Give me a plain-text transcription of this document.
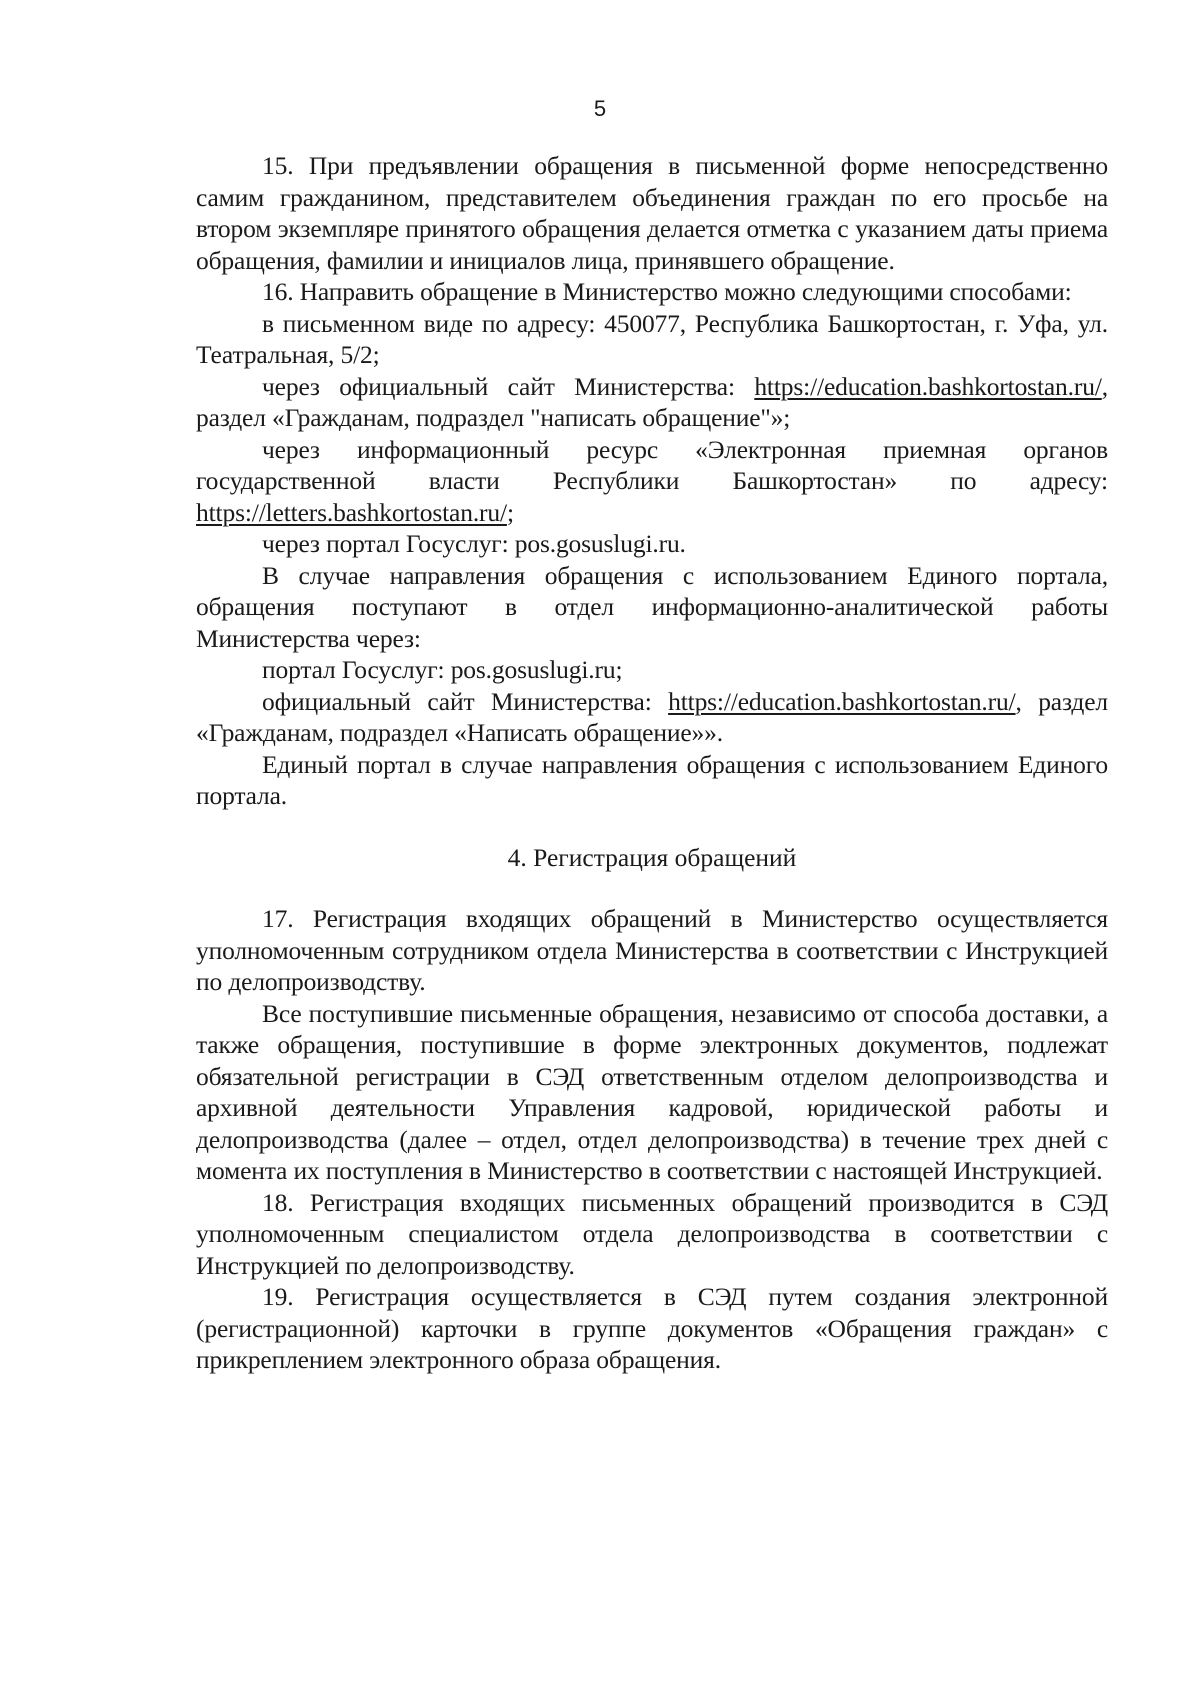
5

15. При предъявлении обращения в письменной форме непосредственно самим гражданином, представителем объединения граждан по его просьбе на втором экземпляре принятого обращения делается отметка с указанием даты приема обращения, фамилии и инициалов лица, принявшего обращение.

16. Направить обращение в Министерство можно следующими способами:

в письменном виде по адресу: 450077, Республика Башкортостан, г. Уфа, ул. Театральная, 5/2;

через официальный сайт Министерства: https://education.bashkortostan.ru/, раздел «Гражданам, подраздел "написать обращение"»;

через информационный ресурс «Электронная приемная органов государственной власти Республики Башкортостан» по адресу: https://letters.bashkortostan.ru/;

через портал Госуслуг: pos.gosuslugi.ru.

В случае направления обращения с использованием Единого портала, обращения поступают в отдел информационно-аналитической работы Министерства через:

портал Госуслуг: pos.gosuslugi.ru;

официальный сайт Министерства: https://education.bashkortostan.ru/, раздел «Гражданам, подраздел «Написать обращение»».

Единый портал в случае направления обращения с использованием Единого портала.

4. Регистрация обращений

17. Регистрация входящих обращений в Министерство осуществляется уполномоченным сотрудником отдела Министерства в соответствии с Инструкцией по делопроизводству.

Все поступившие письменные обращения, независимо от способа доставки, а также обращения, поступившие в форме электронных документов, подлежат обязательной регистрации в СЭД ответственным отделом делопроизводства и архивной деятельности Управления кадровой, юридической работы и делопроизводства (далее – отдел, отдел делопроизводства) в течение трех дней с момента их поступления в Министерство в соответствии с настоящей Инструкцией.

18. Регистрация входящих письменных обращений производится в СЭД уполномоченным специалистом отдела делопроизводства в соответствии с Инструкцией по делопроизводству.

19. Регистрация осуществляется в СЭД путем создания электронной (регистрационной) карточки в группе документов «Обращения граждан» с прикреплением электронного образа обращения.
